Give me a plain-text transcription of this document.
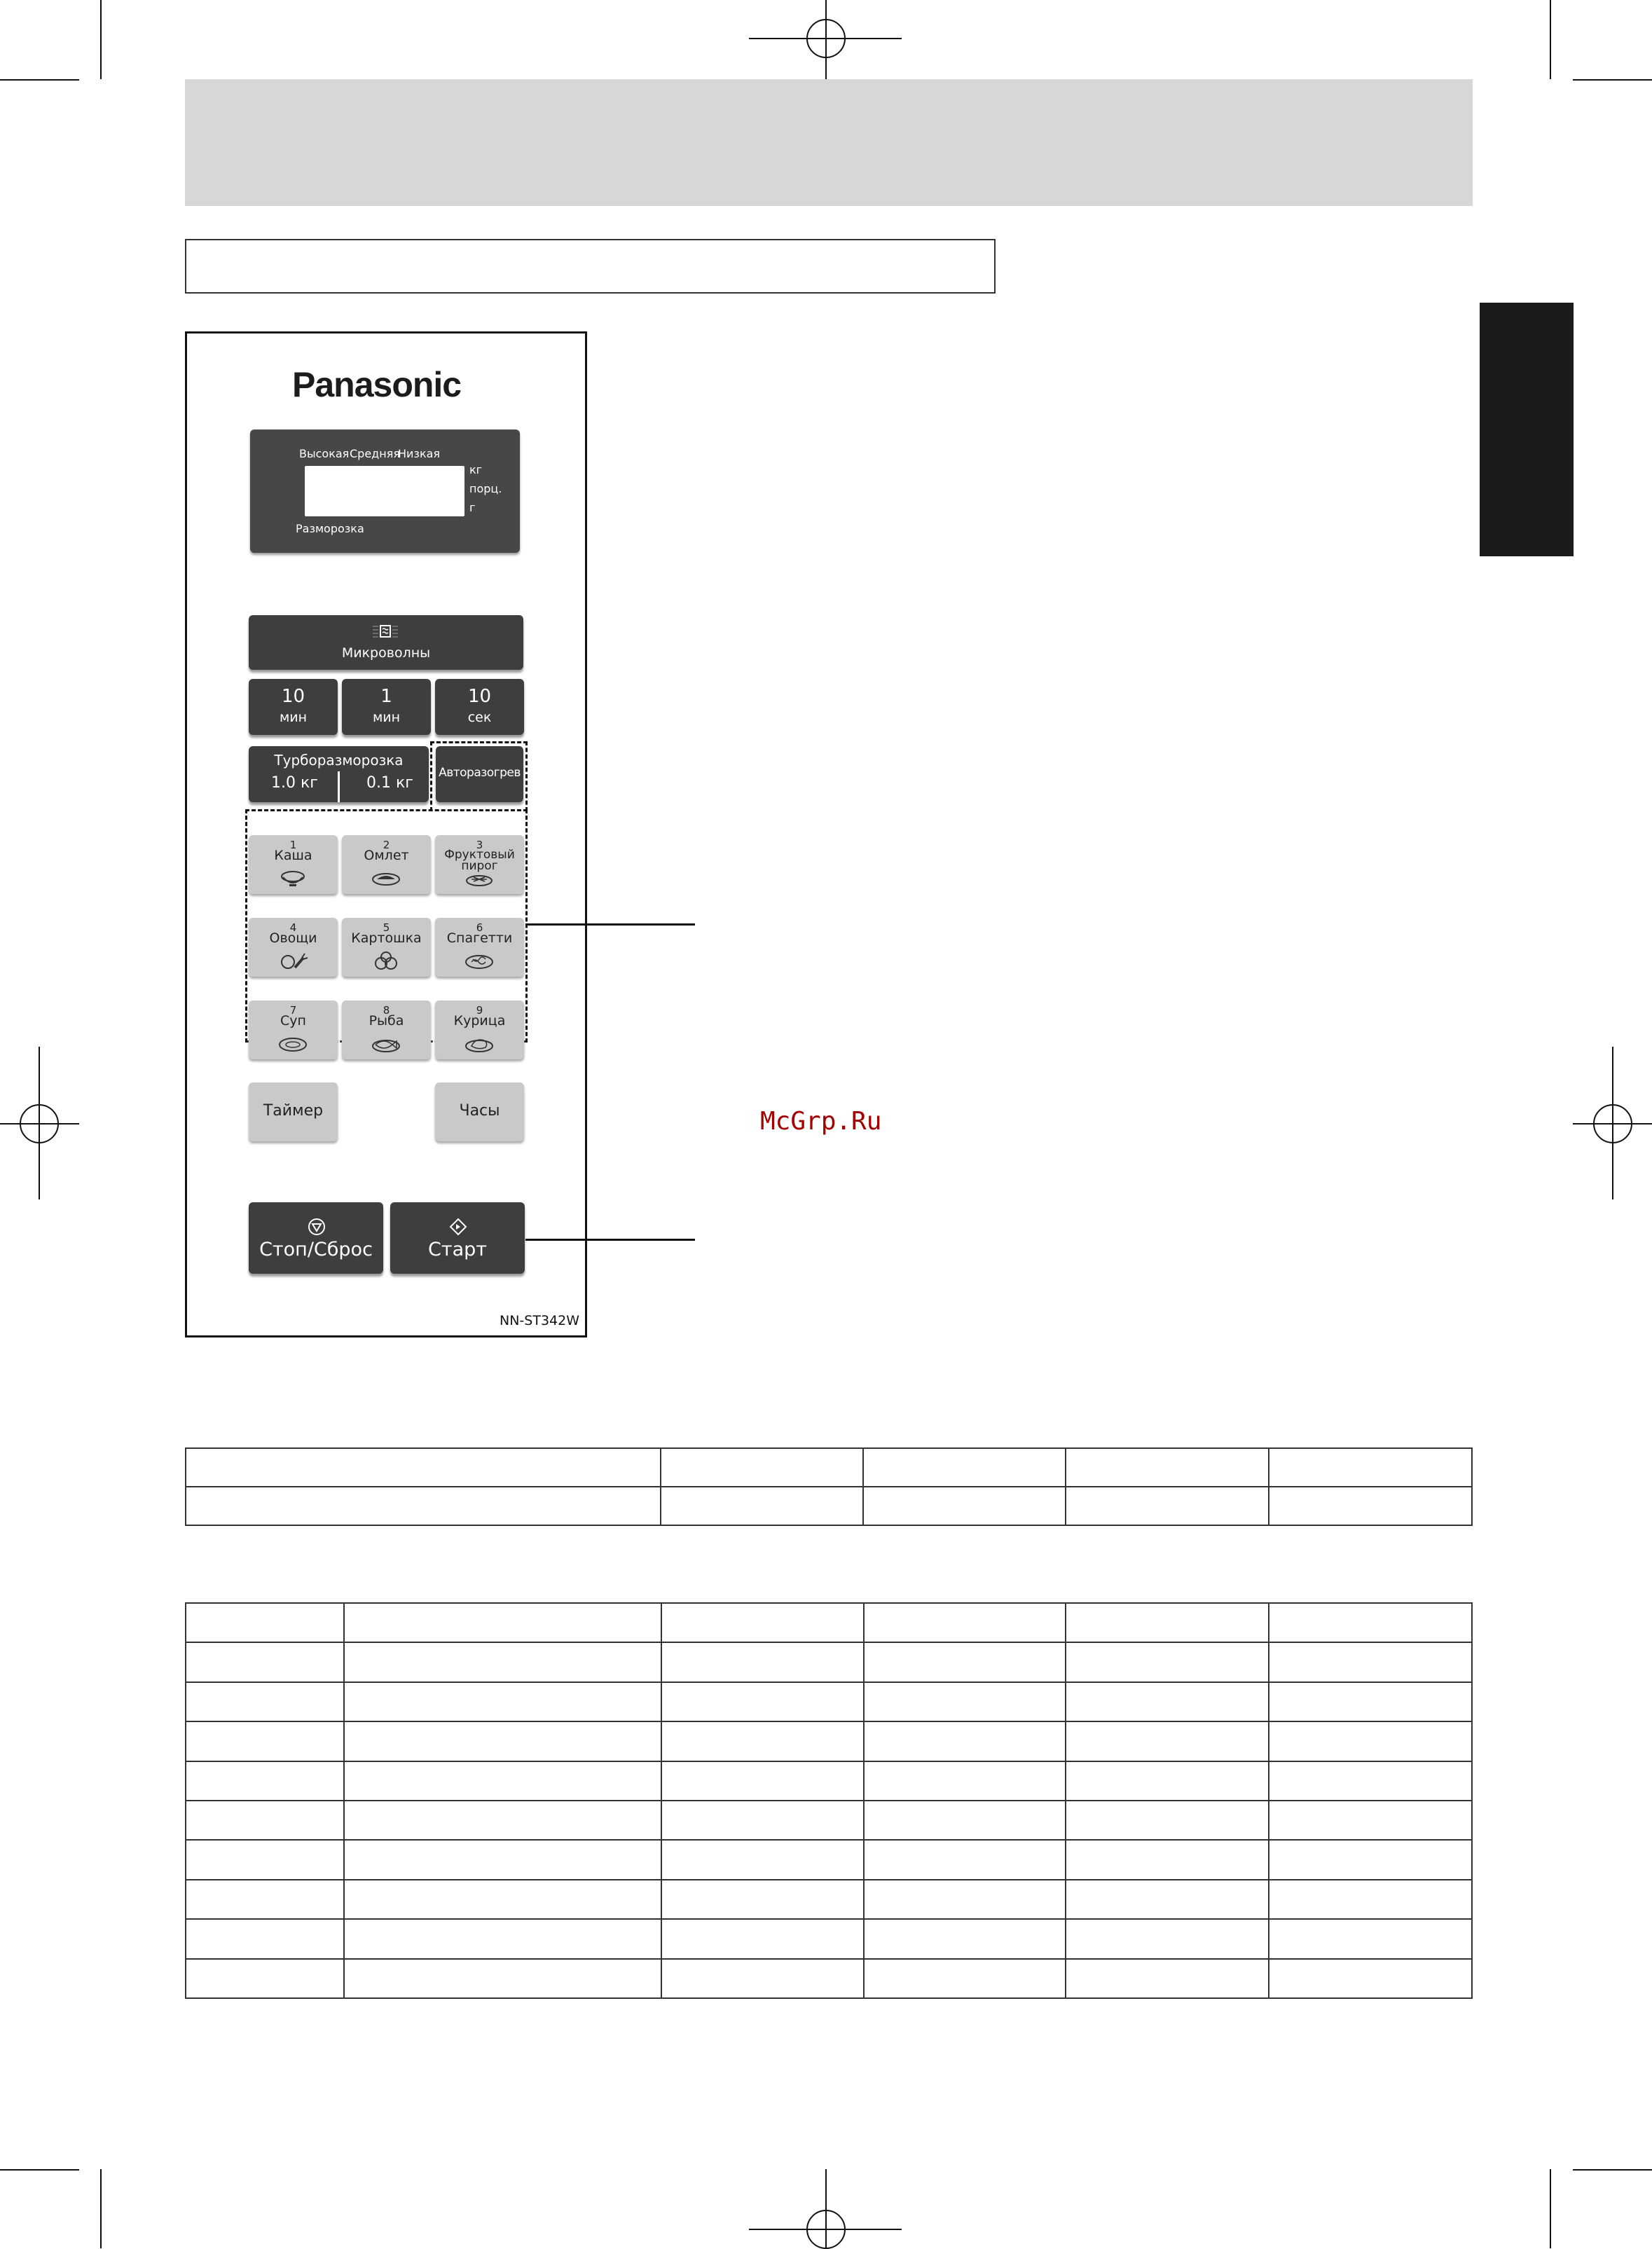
Panasonic
Высокая Средняя
Низкая
кг
порц.
г
Разморозка
Микроволны
10
мин
1
мин
10
сек
Турборазморозка
1.0 кг	0.1 кг
Авторазогрев
1
Каша
2
Омлет
3
Фруктовый пирог
4
Овощи
5
Картошка
6
Спагетти
7
Суп
8
Рыба
9
Курица
Таймер	Часы
Стоп/Сброс	Старт
NN-ST342W
McGrp.Ru
